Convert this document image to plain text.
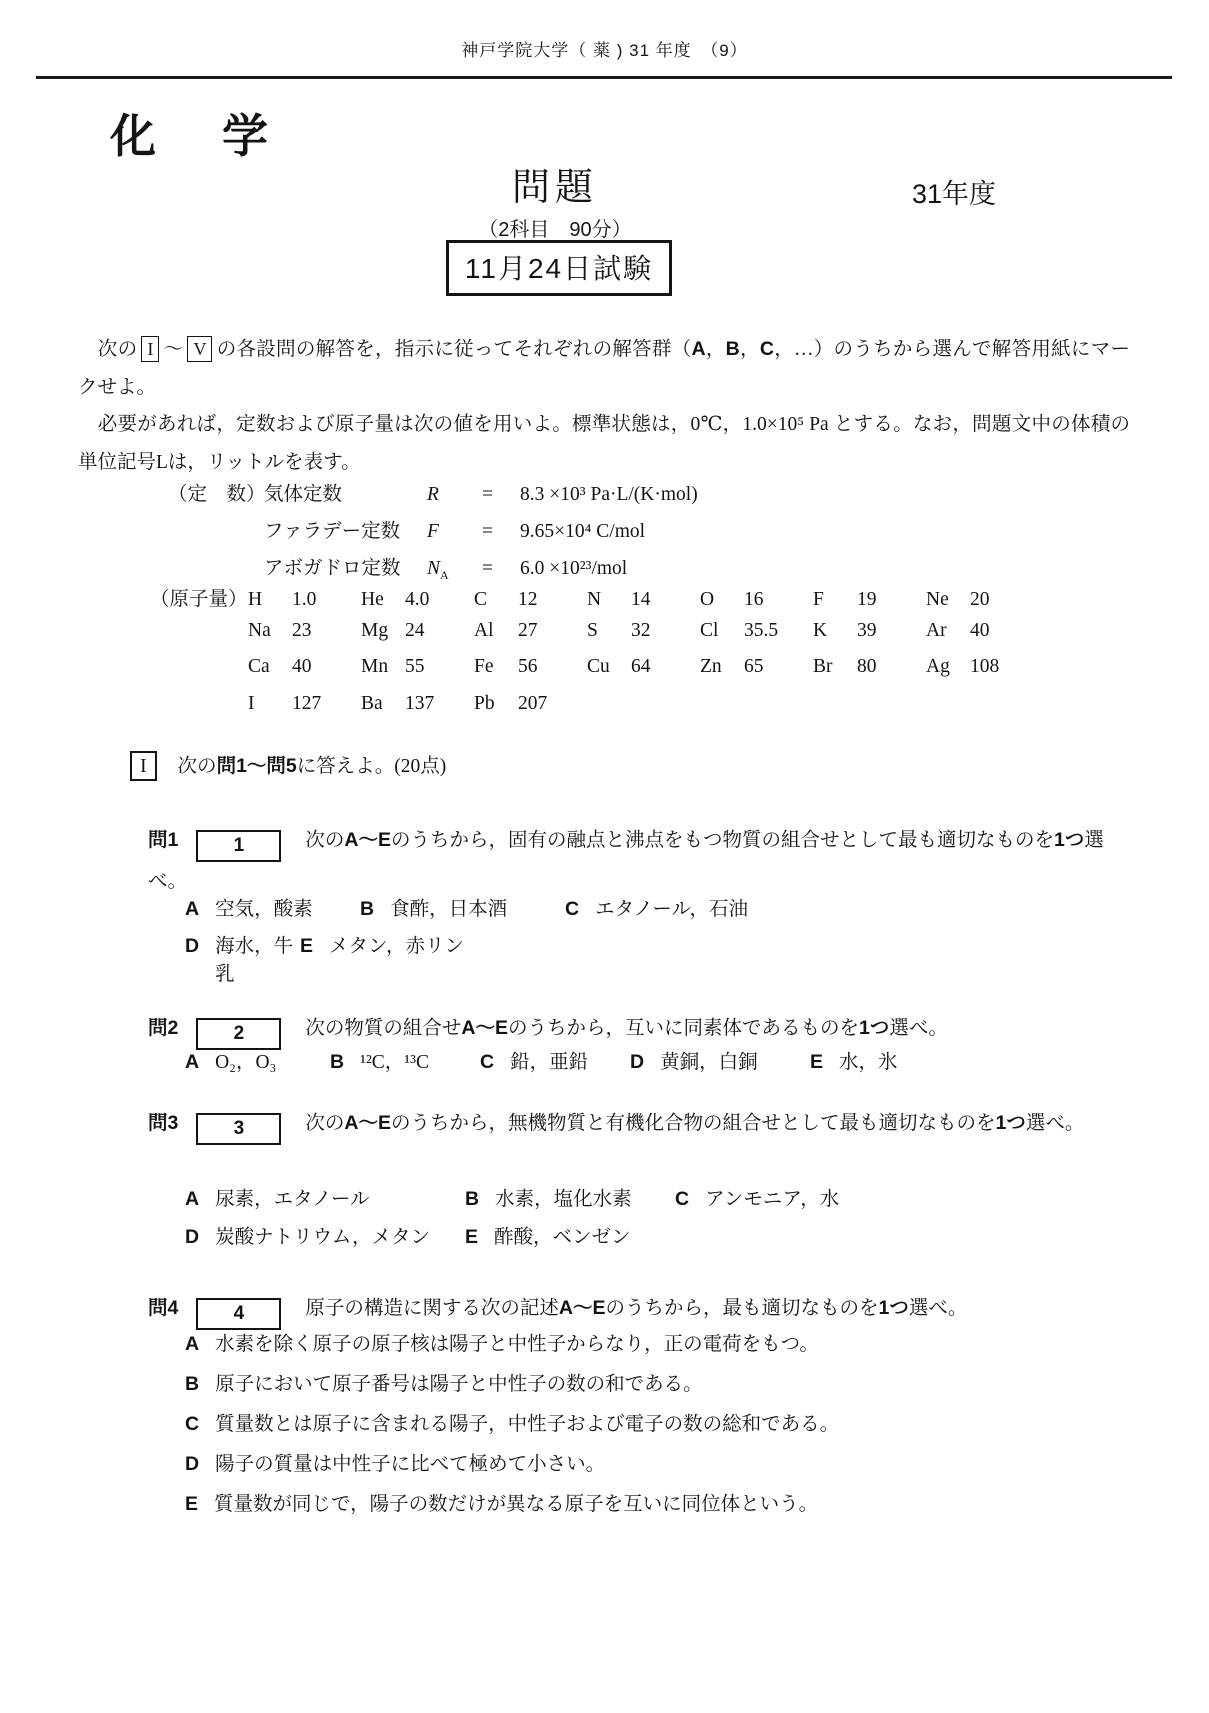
神戸学院大学（ 薬 ) 31 年度　（9）
化　学
問題	31年度
（2科目　90分）
11月24日試験

　次の I ～ V の各設問の解答を，指示に従ってそれぞれの解答群（A，B，C，…）のうちから選んで解答用紙にマークせよ。

　必要があれば，定数および原子量は次の値を用いよ。標準状態は，0℃，1.0×10⁵ Pa とする。なお，問題文中の体積の単位記号Lは，リットルを表す。

（定　数）
気体定数	R	=	8.3 ×10³ Pa·L/(K·mol)
ファラデー定数	F	=	9.65×10⁴ C/mol
アボガドロ定数	$N_A$	=	6.0 ×10²³/mol
（原子量） H	1.0 He	4.0 C	12	N	14	O	16	F	19	Ne	20
Na	23	Mg 24	Al	27	S	32	Cl	35.5 K	39	Ar	40
Ca	40	Mn 55	Fe	56	Cu	64	Zn	65	Br	80	Ag	108
I	127 Ba	137 Pb	207
I 次の問1～問5に答えよ。(20点)
問1	1	次のA～Eのうちから，固有の融点と沸点をもつ物質の組合せとして最も適切なものを1つ選べ。
A 空気，酸素 B 食酢，日本酒	C エタノール，石油
D 海水，牛乳
E メタン，赤リン
問2	2	次の物質の組合せA～Eのうちから，互いに同素体であるものを1つ選べ。
A O₂，O₃	B ¹²C，¹³C	C 鉛，亜鉛 D 黄銅，白銅	E 水，氷
問3	3	次のA～Eのうちから，無機物質と有機化合物の組合せとして最も適切なものを1つ選べ。
A 尿素，エタノール	B 水素，塩化水素 C アンモニア，水
D 炭酸ナトリウム，メタン E 酢酸，ベンゼン
問4	4	原子の構造に関する次の記述A～Eのうちから，最も適切なものを1つ選べ。
A 水素を除く原子の原子核は陽子と中性子からなり，正の電荷をもつ。
B 原子において原子番号は陽子と中性子の数の和である。
C 質量数とは原子に含まれる陽子，中性子および電子の数の総和である。
D 陽子の質量は中性子に比べて極めて小さい。
E 質量数が同じで，陽子の数だけが異なる原子を互いに同位体という。
